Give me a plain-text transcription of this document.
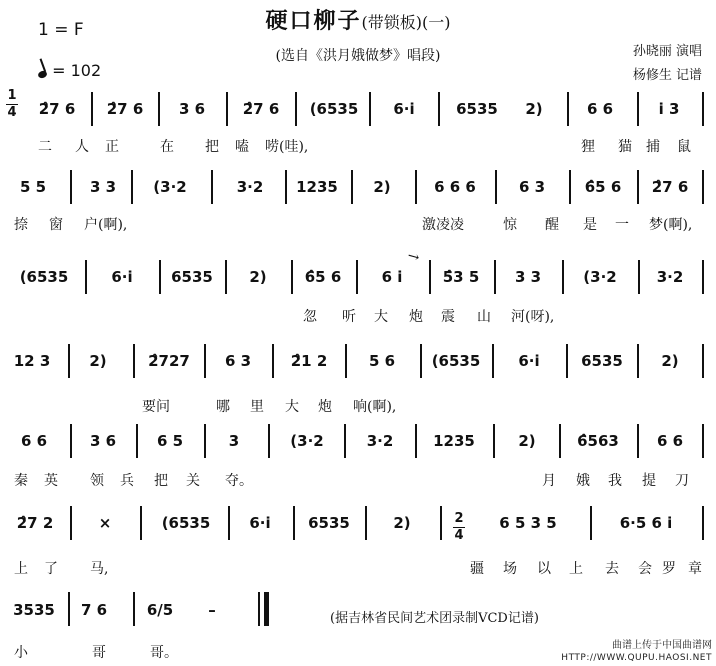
硬口柳子(带锁板)(一)
(选自《洪月娥做梦》唱段)
1 = F
= 102
孙晓丽 演唱
杨修生 记谱
1
4 2̂7 6 2̂7 6 3 6	2̂7 6 (6535 6·i	6535 2)	6 6	i 3
二 人 正	在 把 嗑 唠(哇),	狸 猫 捕 鼠
5 5	3 3 (3·2	3·2 1235 2)	6 6 6	6 3	6̂5 6 2̂7 6
捺 窗 户(啊),	激凌凌	惊 醒 是 一 梦(啊),
(6535	6·i	6535 2)	6̂5 6	6 i	5̂3 5 3 3	(3·2	3·2
↘
忽 听 大 炮 震 山 河(呀),
12 3	2)	2̂727 6 3	2̂1 2	5 6 (6535	6·i	6535	2)
要问	哪 里 大 炮 响(啊),
6 6	3 6	6 5	3	(3·2	3·2	1235	2)	6̂563	6 6
秦 英 领 兵 把 关 夺。	月 娥 我 提 刀
2̂7 2	×	(6535	6·i 6535	2)	2
4
6 5 3 5	6·5 6 i
上 了 马,	疆 场 以 上 去 会 罗 章
3535 7 6	6/5 –	(据吉林省民间艺术团录制VCD记谱)
小	哥	哥。	曲谱上传于中国曲谱网
HTTP://WWW.QUPU.HAOSI.NET
